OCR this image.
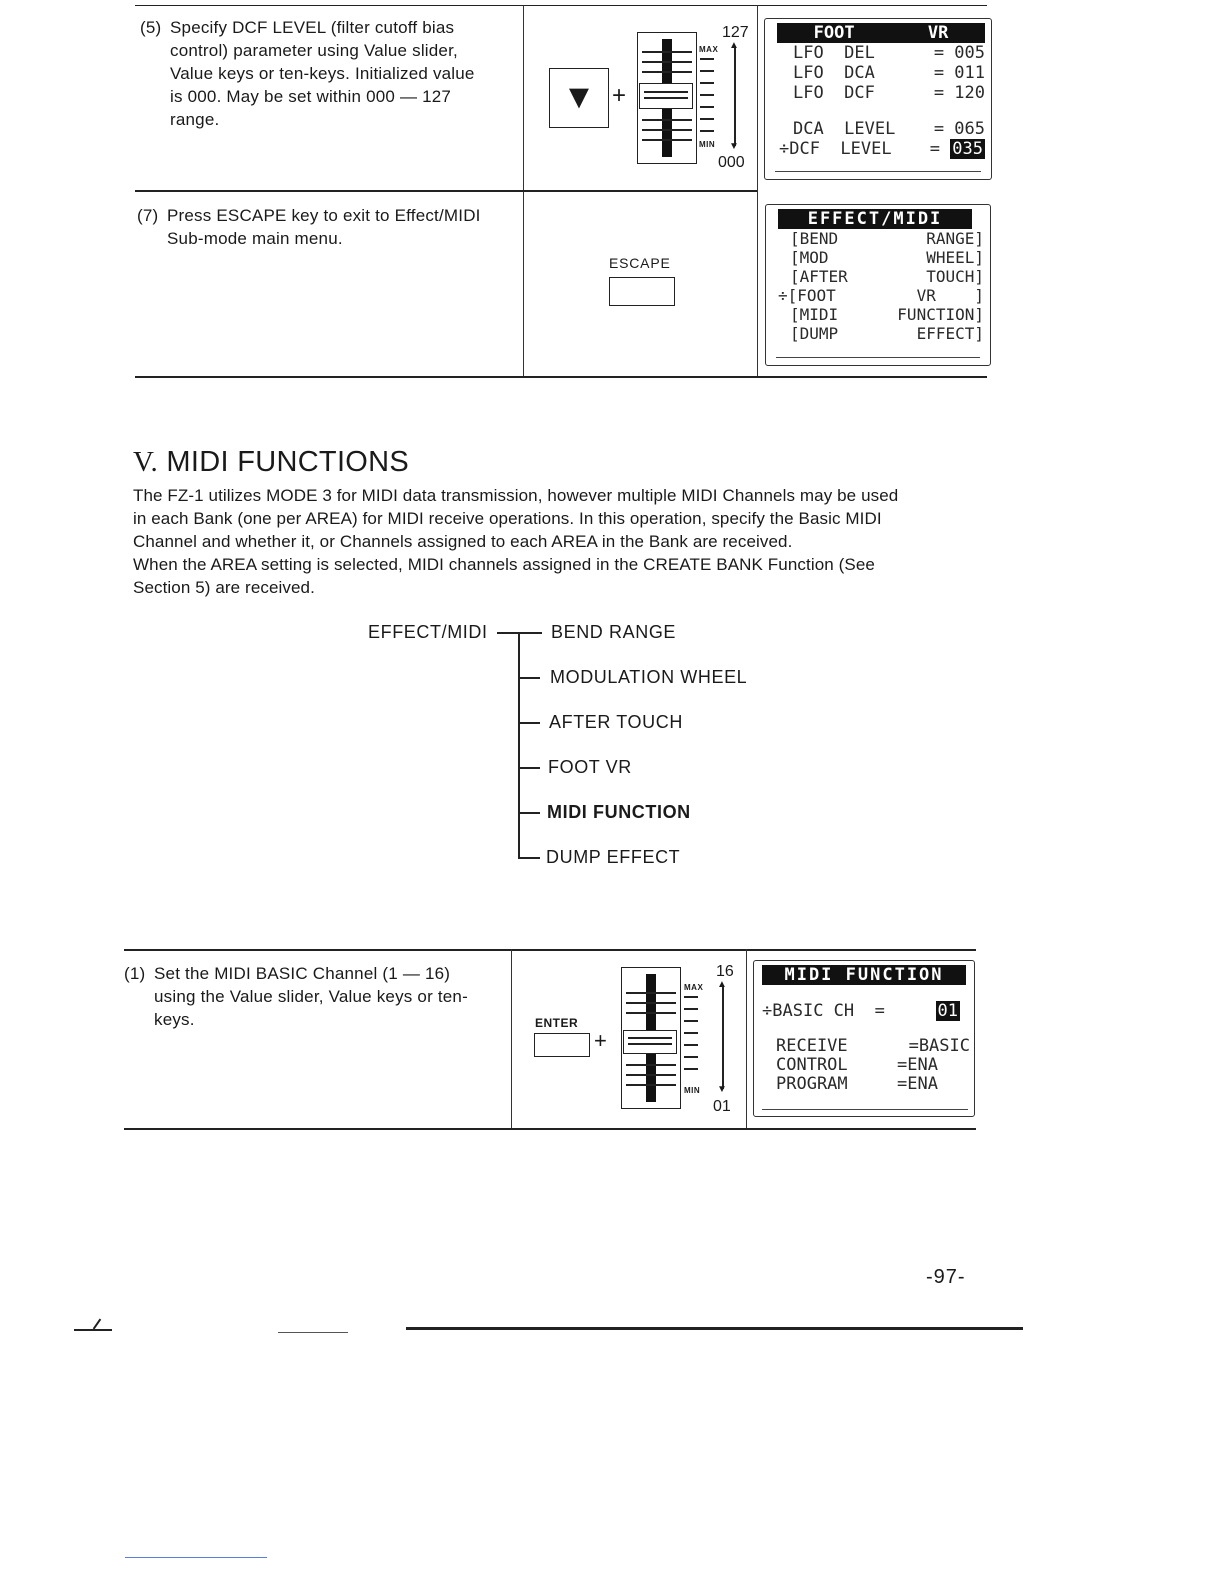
(5) Specify DCF LEVEL (filter cutoff bias
control) parameter using Value slider,
Value keys or ten-keys. Initialized value
is 000. May be set within 000 — 127
range.
▼ +
MAX
MIN
▲
▼
127
000
FOOT	VR
LFO  DEL	= 005
LFO  DCA	= 011
LFO  DCF	= 120
DCA  LEVEL = 065
÷DCF  LEVEL = 035
(7) Press ESCAPE key to exit to Effect/MIDI
Sub-mode main menu.
ESCAPE
EFFECT/MIDI
[BEND	RANGE]
[MOD	WHEEL]
[AFTER	TOUCH]
÷[FOOT	VR    ]
[MIDI	FUNCTION]
[DUMP	EFFECT]
V. MIDI FUNCTIONS
The FZ-1 utilizes MODE 3 for MIDI data transmission, however multiple MIDI Channels may be used
in each Bank (one per AREA) for MIDI receive operations. In this operation, specify the Basic MIDI
Channel and whether it, or Channels assigned to each AREA in the Bank are received.
When the AREA setting is selected, MIDI channels assigned in the CREATE BANK Function (See
Section 5) are received.
EFFECT/MIDI	BEND RANGE
MODULATION WHEEL
AFTER TOUCH
FOOT VR
MIDI FUNCTION
DUMP EFFECT
(1) Set the MIDI BASIC Channel (1 — 16)
using the Value slider, Value keys or ten-
keys.	ENTER
+
MAX
MIN
▲
▼
16
01
MIDI FUNCTION
÷BASIC CH  =	01
RECEIVE	=BASIC
CONTROL	=ENA
PROGRAM	=ENA
-97-
